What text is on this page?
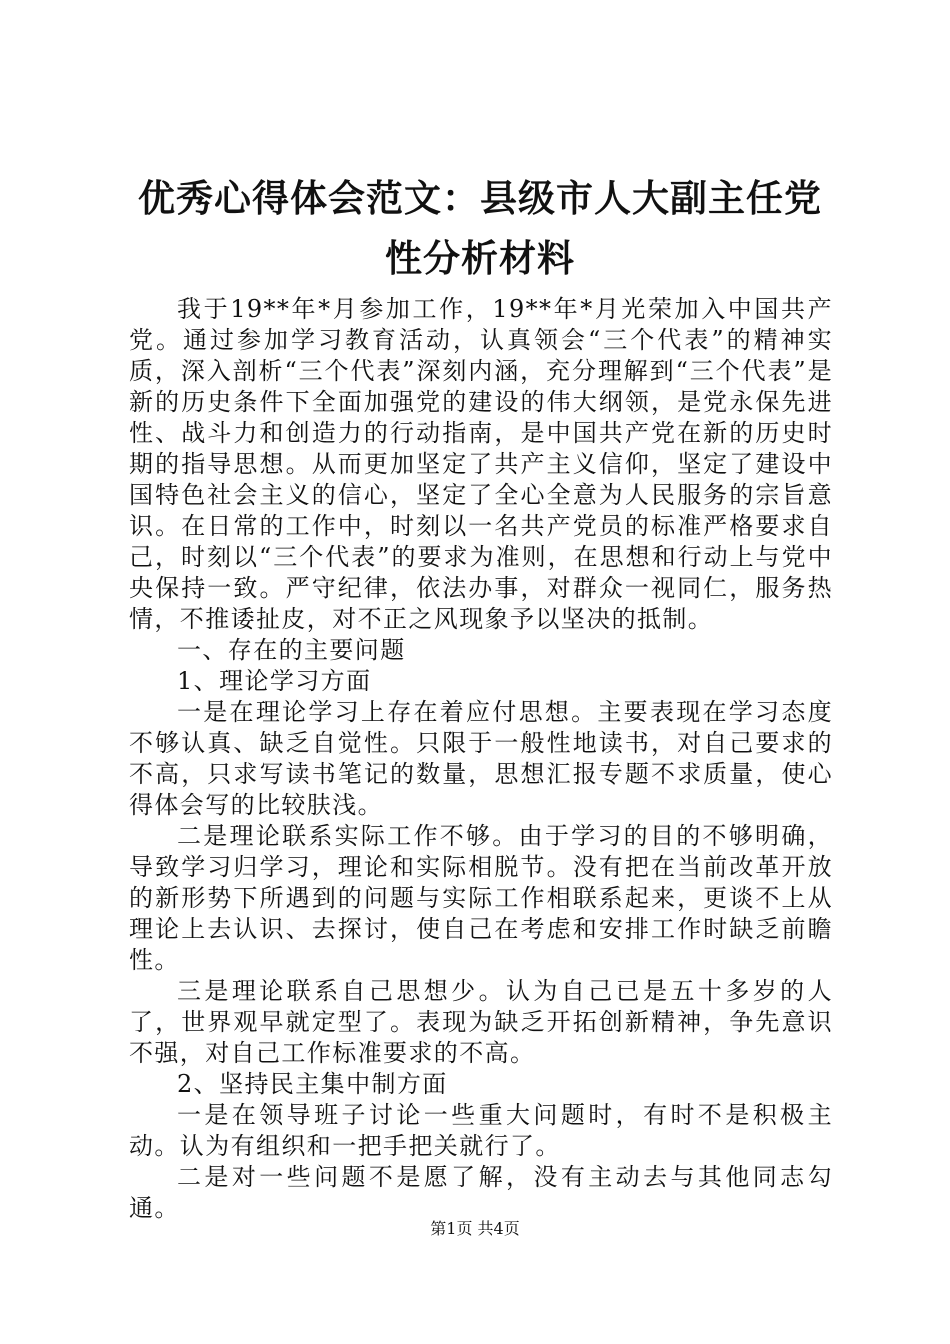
优秀心得体会范文：县级市人大副主任党性分析材料

我于19**年*月参加工作，19**年*月光荣加入中国共产党。通过参加学习教育活动，认真领会“三个代表”的精神实质，深入剖析“三个代表”深刻内涵，充分理解到“三个代表”是新的历史条件下全面加强党的建设的伟大纲领，是党永保先进性、战斗力和创造力的行动指南，是中国共产党在新的历史时期的指导思想。从而更加坚定了共产主义信仰，坚定了建设中国特色社会主义的信心，坚定了全心全意为人民服务的宗旨意识。在日常的工作中，时刻以一名共产党员的标准严格要求自己，时刻以“三个代表”的要求为准则，在思想和行动上与党中央保持一致。严守纪律，依法办事，对群众一视同仁，服务热情，不推诿扯皮，对不正之风现象予以坚决的抵制。

一、存在的主要问题

1、理论学习方面

一是在理论学习上存在着应付思想。主要表现在学习态度不够认真、缺乏自觉性。只限于一般性地读书，对自己要求的不高，只求写读书笔记的数量，思想汇报专题不求质量，使心得体会写的比较肤浅。

二是理论联系实际工作不够。由于学习的目的不够明确，导致学习归学习，理论和实际相脱节。没有把在当前改革开放的新形势下所遇到的问题与实际工作相联系起来，更谈不上从理论上去认识、去探讨，使自己在考虑和安排工作时缺乏前瞻性。

三是理论联系自己思想少。认为自己已是五十多岁的人了，世界观早就定型了。表现为缺乏开拓创新精神，争先意识不强，对自己工作标准要求的不高。

2、坚持民主集中制方面

一是在领导班子讨论一些重大问题时，有时不是积极主动。认为有组织和一把手把关就行了。

二是对一些问题不是愿了解，没有主动去与其他同志勾通。

第1页 共4页
